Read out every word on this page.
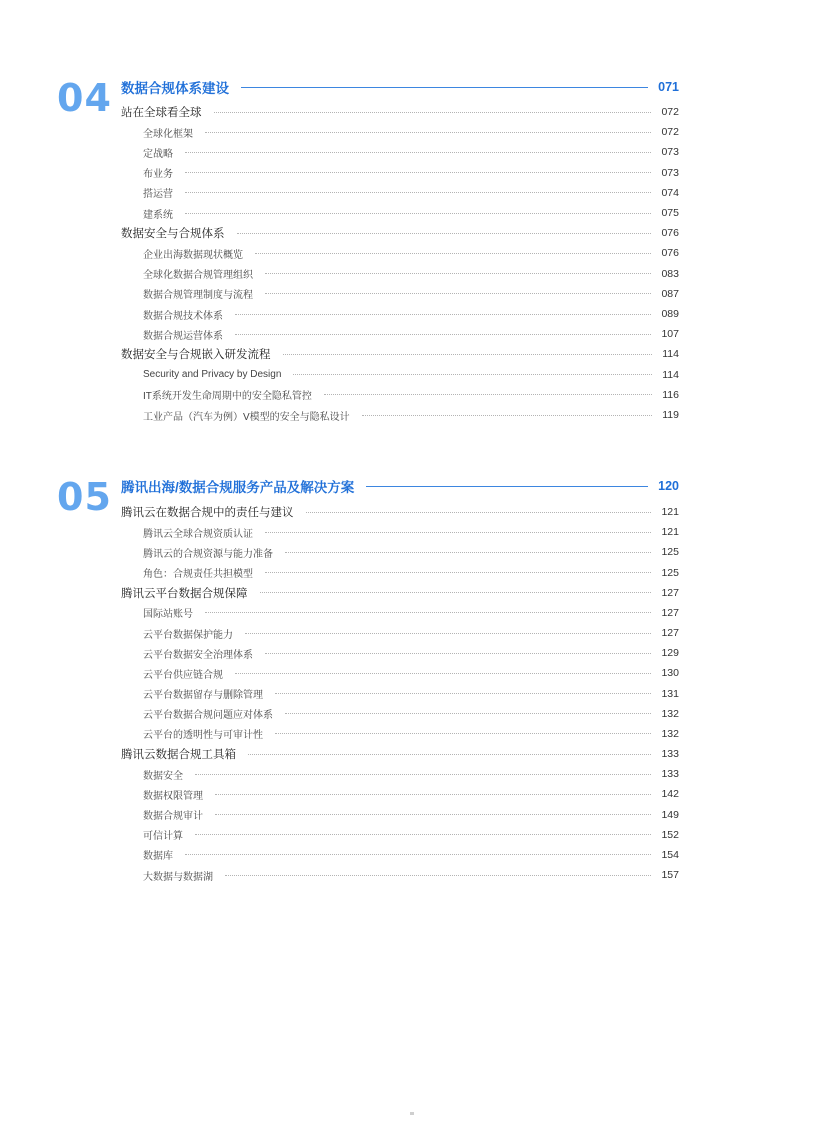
04 数据合规体系建设	071
站在全球看全球	072
全球化框架	072
定战略	073
布业务	073
搭运营	074
建系统	075
数据安全与合规体系	076
企业出海数据现状概览	076
全球化数据合规管理组织	083
数据合规管理制度与流程	087
数据合规技术体系	089
数据合规运营体系	107
数据安全与合规嵌入研发流程	114
Security and Privacy by Design	114
IT系统开发生命周期中的安全隐私管控	116
工业产品（汽车为例）V模型的安全与隐私设计	119
05 腾讯出海/数据合规服务产品及解决方案	120
腾讯云在数据合规中的责任与建议	121
腾讯云全球合规资质认证	121
腾讯云的合规资源与能力准备	125
角色：合规责任共担模型	125
腾讯云平台数据合规保障	127
国际站账号	127
云平台数据保护能力	127
云平台数据安全治理体系	129
云平台供应链合规	130
云平台数据留存与删除管理	131
云平台数据合规问题应对体系	132
云平台的透明性与可审计性	132
腾讯云数据合规工具箱	133
数据安全	133
数据权限管理	142
数据合规审计	149
可信计算	152
数据库	154
大数据与数据湖	157
